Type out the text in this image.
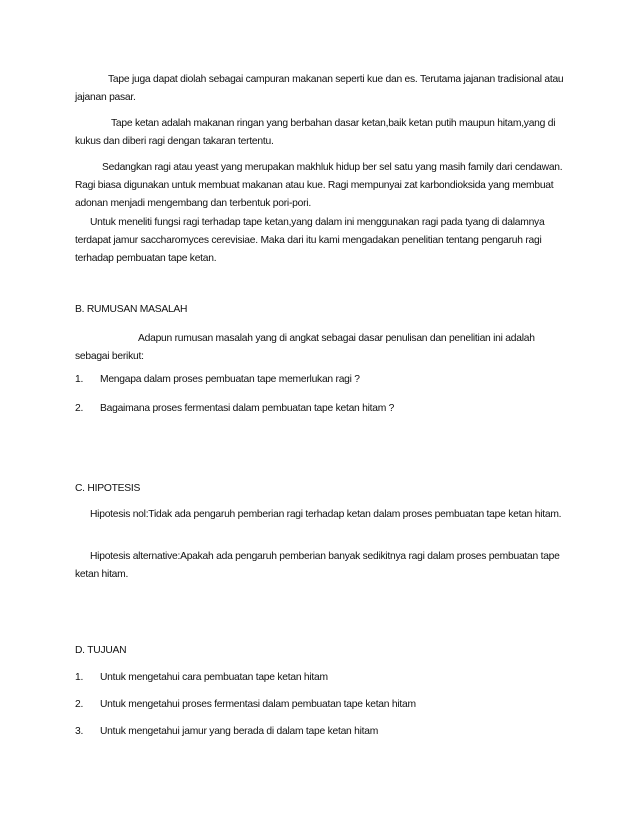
Tape juga dapat diolah sebagai campuran makanan seperti kue dan es. Terutama jajanan tradisional atau jajanan pasar.

Tape ketan adalah makanan ringan yang berbahan dasar ketan,baik ketan putih maupun hitam,yang di kukus dan diberi ragi dengan takaran tertentu.

Sedangkan ragi atau yeast yang merupakan makhluk hidup ber sel satu yang masih family dari cendawan. Ragi biasa digunakan untuk membuat makanan atau kue. Ragi mempunyai zat karbondioksida yang membuat adonan menjadi mengembang dan terbentuk pori-pori.

Untuk meneliti fungsi ragi terhadap tape ketan,yang dalam ini menggunakan ragi pada tyang di dalamnya terdapat jamur saccharomyces cerevisiae. Maka dari itu kami mengadakan penelitian tentang pengaruh ragi terhadap pembuatan tape ketan.

B. RUMUSAN MASALAH

Adapun rumusan masalah yang di angkat sebagai dasar penulisan dan penelitian ini adalah sebagai berikut:

1. Mengapa dalam proses pembuatan tape memerlukan ragi ?
2. Bagaimana proses fermentasi dalam pembuatan tape ketan hitam ?
C. HIPOTESIS

Hipotesis nol:Tidak ada pengaruh pemberian ragi terhadap ketan dalam proses pembuatan tape ketan hitam.

Hipotesis alternative:Apakah ada pengaruh pemberian banyak sedikitnya ragi dalam proses pembuatan tape ketan hitam.

D. TUJUAN
1. Untuk mengetahui cara pembuatan tape ketan hitam
2. Untuk mengetahui proses fermentasi dalam pembuatan tape ketan hitam
3. Untuk mengetahui jamur yang berada di dalam tape ketan hitam
